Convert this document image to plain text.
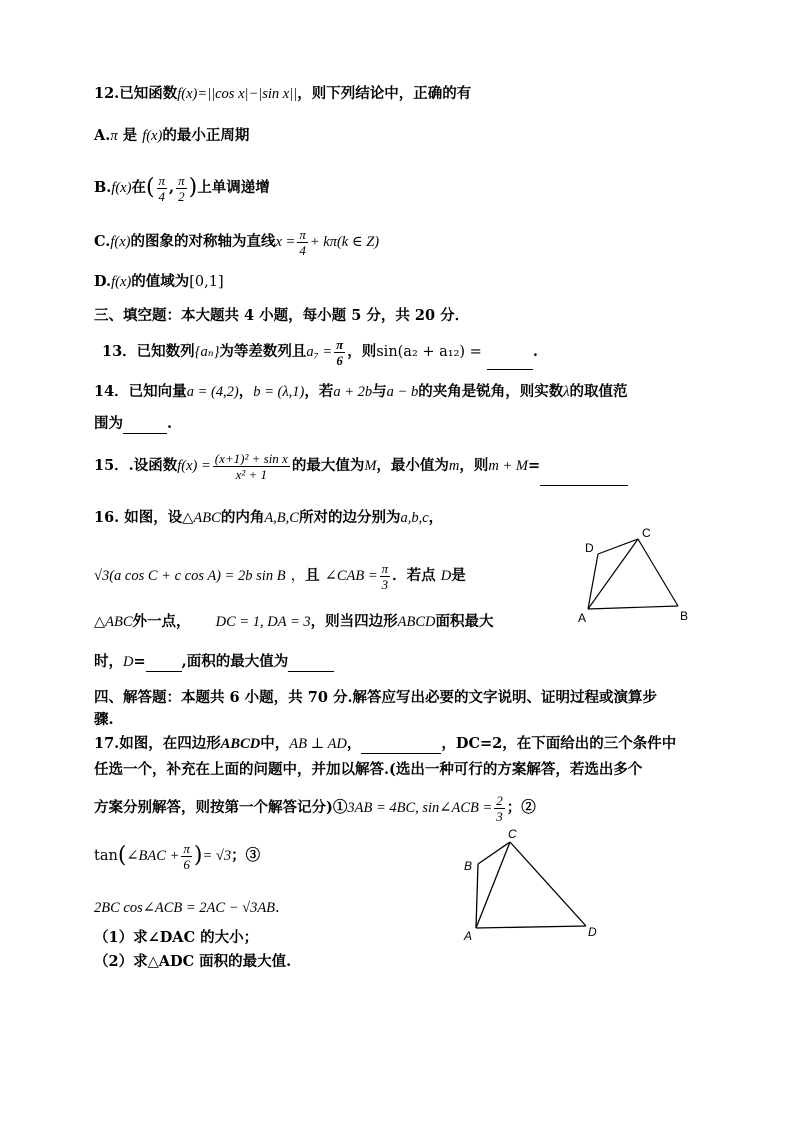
12.已知函数f(x)=||cos x|−|sin x||，则下列结论中，正确的有
A.π 是 f(x)的最小正周期
B.f(x)在( $\frac{\pi}{4}$ , $\frac{\pi}{2}$ )上单调递增
C.f(x)的图象的对称轴为直线$x = \frac{\pi}{4} + k\pi(k$ ∈ Z)
D.f(x)的值域为[0,1]
三、填空题：本大题共 4 小题，每小题 5 分，共 20 分．
13．已知数列{aₙ}为等差数列且$a_7 = \frac{\pi}{6}$ ，则sin(a₂ + a₁₂) =	.
14．已知向量a = (4,2)，b = (λ,1)，若a + 2b与a − b的夹角是锐角，则实数λ的取值范
围为	.
15．.设函数$f(x) = \frac{\text{(x+1)² + sin x}}{\text{x² + 1}}$ 的最大值为M，最小值为m，则m + M=
16. 如图，设△ABC的内角A,B,C所对的边分别为a,b,c，
√3(a cos C + c cos A) = 2b sin B ，且 ∠CAB = $\frac{\pi}{3}$ ．若点 D是
△ABC外一点， DC = 1, DA = 3，则当四边形ABCD面积最大
时，D= ,面积的最大值为
A	B
C
D
四、解答题：本题共 6 小题，共 70 分.解答应写出必要的文字说明、证明过程或演算步
骤.
17.如图，在四边形ABCD中，AB ⊥ AD，	，DC=2，在下面给出的三个条件中
任选一个，补充在上面的问题中，并加以解答.(选出一种可行的方案解答，若选出多个
方案分别解答，则按第一个解答记分)①3AB = 4BC, sin∠ACB = $\frac{2}{3}$ ；②
tan(∠BAC + $\frac{\pi}{6}$ )= √3；③
2BC cos∠ACB = 2AC − √3AB.
（1）求∠DAC 的大小；
（2）求△ADC 面积的最大值.
A
B
C
D
